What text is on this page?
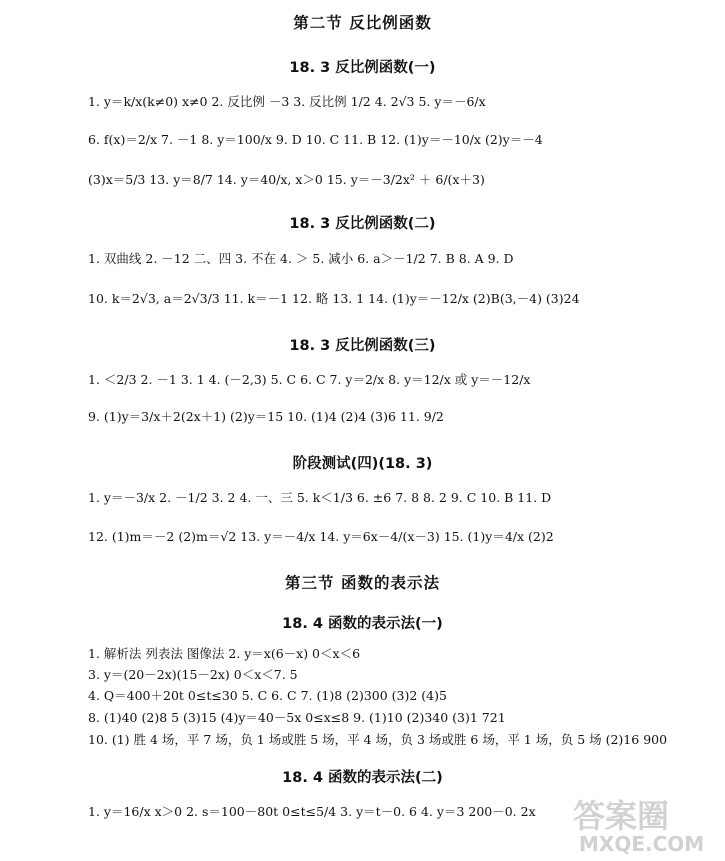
第二节 反比例函数
18. 3 反比例函数(一)
1. y＝k/x(k≠0) x≠0 2. 反比例 －3 3. 反比例 1/2 4. 2√3 5. y＝－6/x
6. f(x)＝2/x 7. －1 8. y＝100/x 9. D 10. C 11. B 12. (1)y＝－10/x (2)y＝－4
(3)x＝5/3 13. y＝8/7 14. y＝40/x, x＞0 15. y＝－3/2x² ＋ 6/(x＋3)
18. 3 反比例函数(二)
1. 双曲线 2. －12 二、四 3. 不在 4. ＞ 5. 减小 6. a＞－1/2 7. B 8. A 9. D
10. k＝2√3, a＝2√3/3 11. k＝－1 12. 略 13. 1 14. (1)y＝－12/x (2)B(3,－4) (3)24
18. 3 反比例函数(三)
1. ＜2/3 2. －1 3. 1 4. (－2,3) 5. C 6. C 7. y＝2/x 8. y＝12/x 或 y＝－12/x
9. (1)y＝3/x＋2(2x＋1) (2)y＝15 10. (1)4 (2)4 (3)6 11. 9/2
阶段测试(四)(18. 3)
1. y＝－3/x 2. －1/2 3. 2 4. 一、三 5. k＜1/3 6. ±6 7. 8 8. 2 9. C 10. B 11. D
12. (1)m＝－2 (2)m＝√2 13. y＝－4/x 14. y＝6x－4/(x－3) 15. (1)y＝4/x (2)2
第三节 函数的表示法
18. 4 函数的表示法(一)
1. 解析法 列表法 图像法 2. y＝x(6－x) 0＜x＜6
3. y＝(20－2x)(15－2x) 0＜x＜7. 5
4. Q＝400＋20t 0≤t≤30 5. C 6. C 7. (1)8 (2)300 (3)2 (4)5
8. (1)40 (2)8 5 (3)15 (4)y＝40－5x 0≤x≤8 9. (1)10 (2)340 (3)1 721
10. (1) 胜 4 场，平 7 场，负 1 场或胜 5 场，平 4 场，负 3 场或胜 6 场，平 1 场，负 5 场 (2)16 900
18. 4 函数的表示法(二)
1. y＝16/x x＞0 2. s＝100－80t 0≤t≤5/4 3. y＝t－0. 6 4. y＝3 200－0. 2x	答案圈
MXQE.COM
